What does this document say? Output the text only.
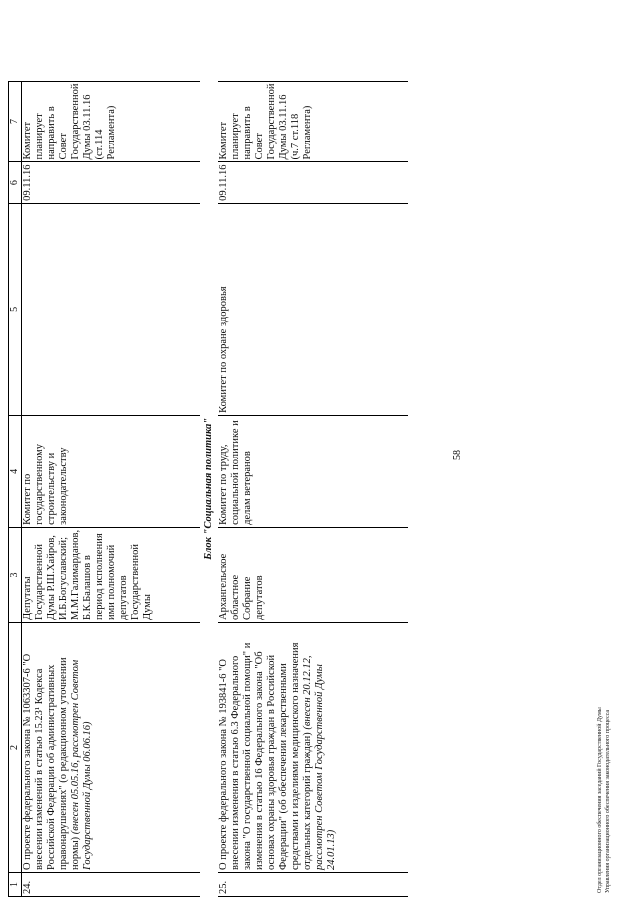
1	2	3	4	5	6	7
24.	О проекте федерального закона № 1063307-6 "О внесении изменений в статью 15.23¹ Кодекса Российской Федерации об административных правонарушениях" (о редакционном уточнении нормы) (внесен 05.05.16, рассмотрен Советом Государственной Думы 06.06.16)	Депутаты Государственной Думы Р.Ш.Хайров, И.Б.Богуславский; М.М.Галимарданов, Б.К.Балашов в период исполнения ими полномочий депутатов Государственной Думы	Комитет по государственному строительству и законодательству		09.11.16	Комитет планирует направить в Совет Государственной Думы 03.11.16 (ст.114 Регламента)
Блок "Социальная политика"						
25.	О проекте федерального закона № 193841-6 "О внесении изменения в статью 6.3 Федерального закона "О государственной социальной помощи" и изменения в статью 16 Федерального закона "Об основах охраны здоровья граждан в Российской Федерации" (об обеспечении лекарственными средствами и изделиями медицинского назначения отдельных категорий граждан) (внесен 20.12.12, рассмотрен Советом Государственной Думы 24.01.13)	Архангельское областное Собрание депутатов	Комитет по труду, социальной политике и делам ветеранов	Комитет по охране здоровья	09.11.16	Комитет планирует направить в Совет Государственной Думы 03.11.16 (ч.7 ст.118 Регламента)
58
Отдел организационного обеспечения заседаний Государственной Думы Управления организационного обеспечения законодательного процесса
